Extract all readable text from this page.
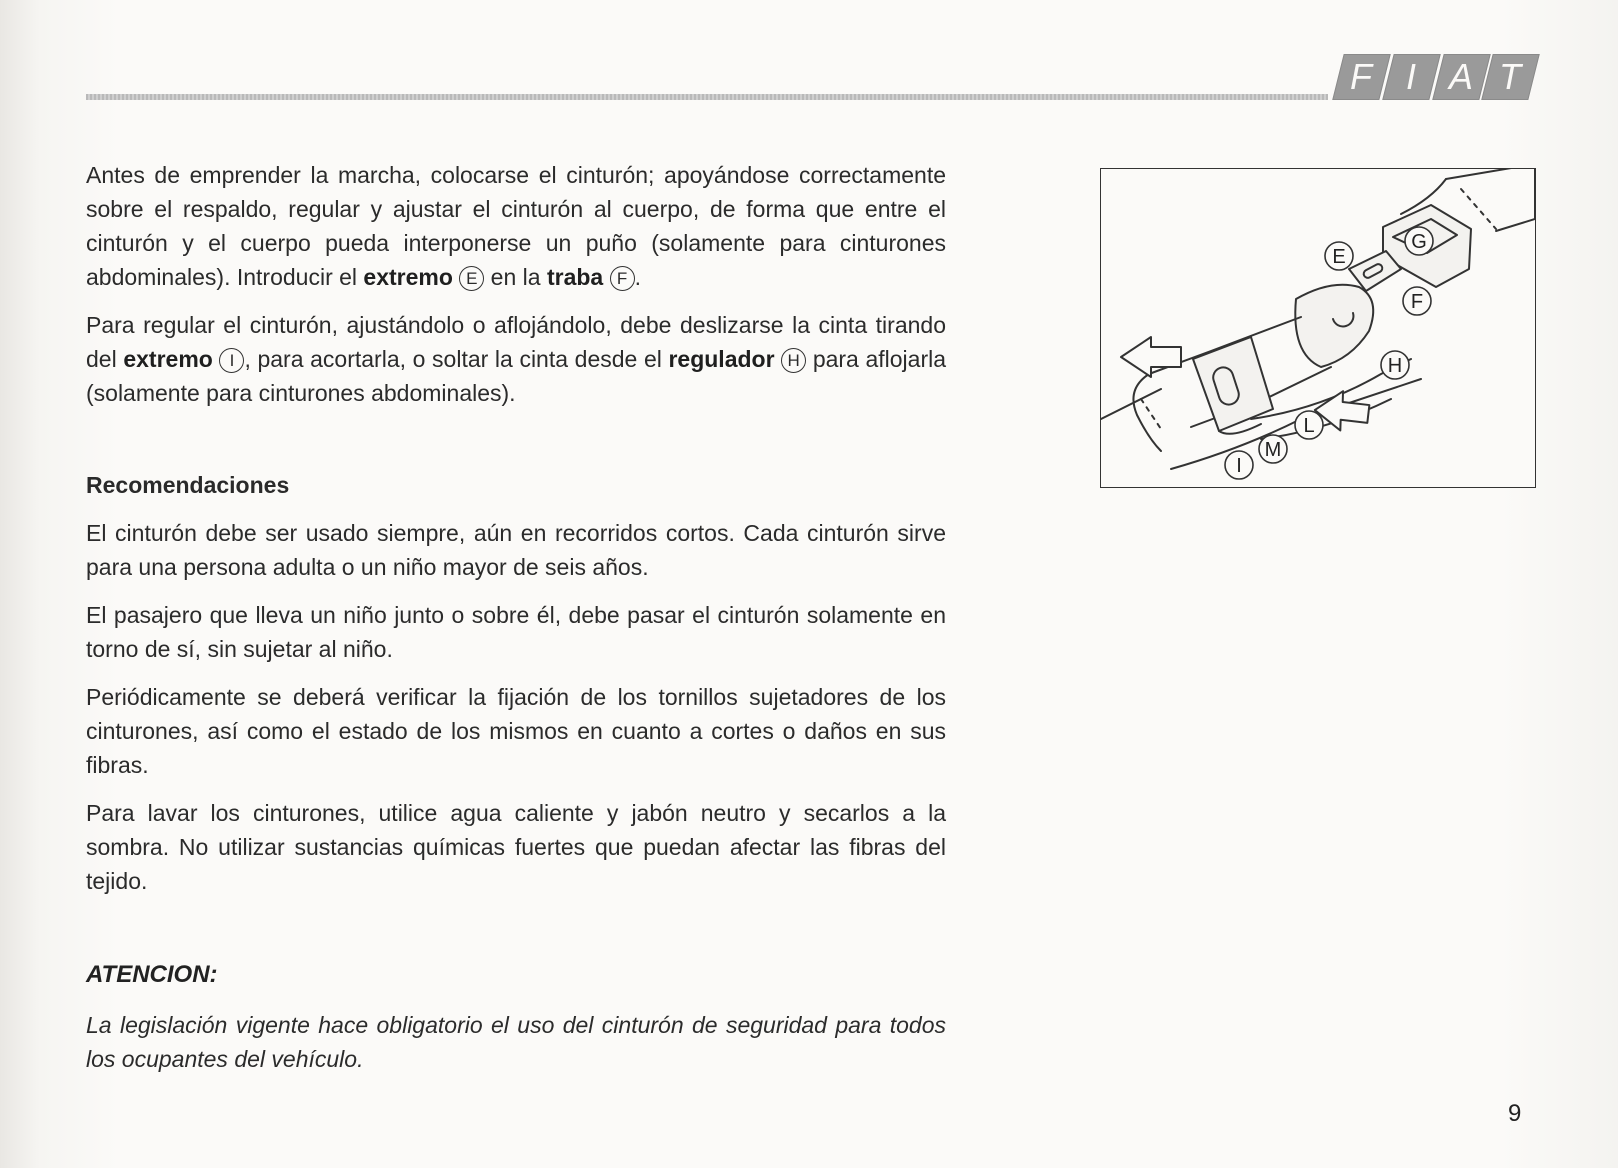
F I A T

Antes de emprender la marcha, colocarse el cinturón; apoyándose correctamente sobre el respaldo, regular y ajustar el cinturón al cuerpo, de forma que entre el cinturón y el cuerpo pueda interponerse un puño (solamente para cinturones abdominales). Introducir el extremo E en la traba F .

Para regular el cinturón, ajustándolo o aflojándolo, debe deslizarse la cinta tirando del extremo I , para acortarla, o soltar la cinta desde el regulador H para aflojarla (solamente para cinturones abdominales).

Recomendaciones

El cinturón debe ser usado siempre, aún en recorridos cortos. Cada cinturón sirve para una persona adulta o un niño mayor de seis años.

El pasajero que lleva un niño junto o sobre él, debe pasar el cinturón solamente en torno de sí, sin sujetar al niño.

Periódicamente se deberá verificar la fijación de los tornillos sujetadores de los cinturones, así como el estado de los mismos en cuanto a cortes o daños en sus fibras.

Para lavar los cinturones, utilice agua caliente y jabón neutro y secarlos a la sombra. No utilizar sustancias químicas fuertes que puedan afectar las fibras del tejido.

ATENCION:

La legislación vigente hace obligatorio el uso del cinturón de seguridad para todos los ocupantes del vehículo.

E
G
F
H
L
M
I
9
